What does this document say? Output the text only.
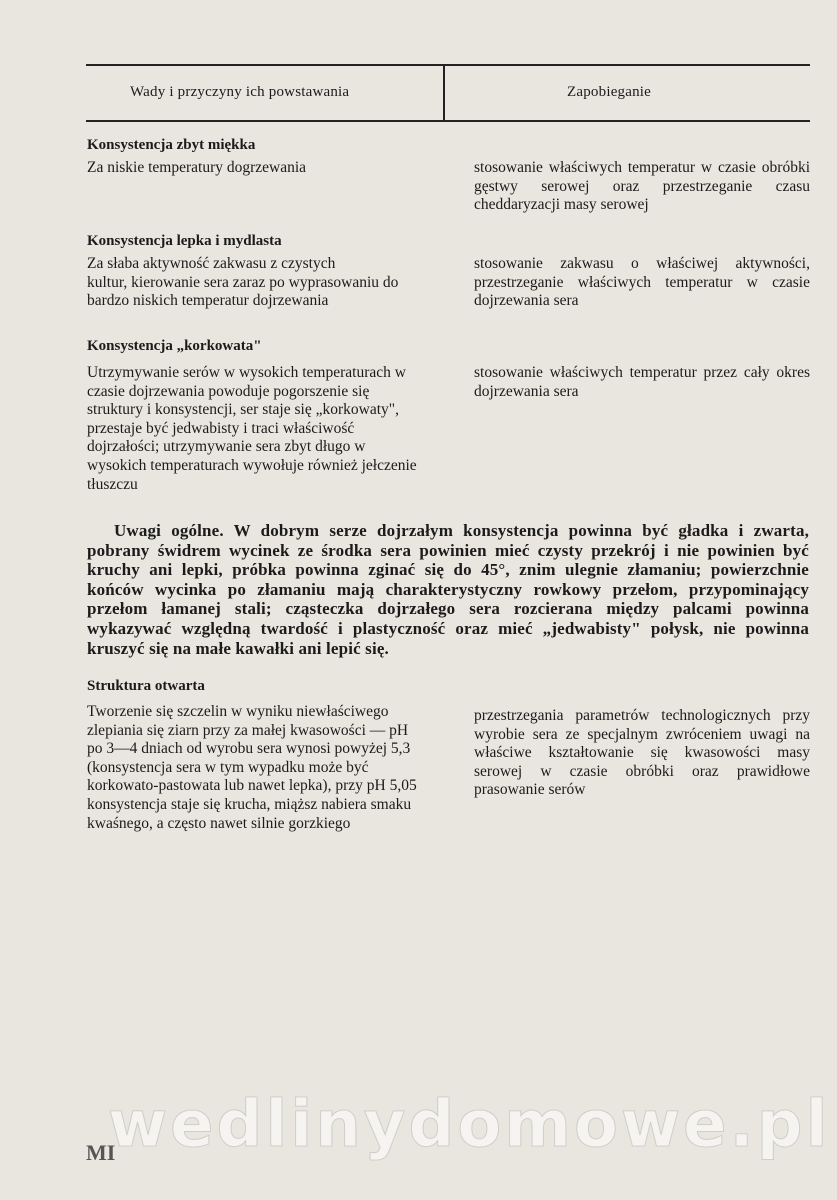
Wady i przyczyny ich powstawania	Zapobieganie
Konsystencja zbyt miękka

Za niskie temperatury dogrzewania	stosowanie właściwych temperatur w czasie obróbki gęstwy serowej oraz przestrzeganie czasu cheddaryzacji masy serowej

Konsystencja lepka i mydlasta

Za słaba aktywność zakwasu z czystych
kultur, kierowanie sera zaraz po wyprasowaniu do bardzo niskich temperatur dojrzewania

stosowanie zakwasu o właściwej aktywności, przestrzeganie właściwych temperatur w czasie dojrzewania sera

Konsystencja „korkowata"

Utrzymywanie serów w wysokich temperaturach w czasie dojrzewania powoduje pogorszenie się struktury i konsystencji, ser staje się „korkowaty", przestaje być jedwabisty i traci właściwość dojrzałości; utrzymywanie sera zbyt długo w wysokich temperaturach wywołuje również jełczenie tłuszczu

stosowanie właściwych temperatur przez cały okres dojrzewania sera

Uwagi ogólne. W dobrym serze dojrzałym konsystencja powinna być gładka i zwarta, pobrany świdrem wycinek ze środka sera powinien mieć czysty przekrój i nie powinien być kruchy ani lepki, próbka powinna zginać się do 45°, znim ulegnie złamaniu; powierzchnie końców wycinka po złamaniu mają charakterystyczny rowkowy przełom, przypominający przełom łamanej stali; cząsteczka dojrzałego sera rozcierana między palcami powinna wykazywać względną twardość i plastyczność oraz mieć „jedwabisty" połysk, nie powinna kruszyć się na małe kawałki ani lepić się.

Struktura otwarta

Tworzenie się szczelin w wyniku niewłaściwego zlepiania się ziarn przy za małej kwasowości — pH po 3—4 dniach od wyrobu sera wynosi powyżej 5,3 (konsystencja sera w tym wypadku może być korkowato-pastowata lub nawet lepka), przy pH 5,05 konsystencja staje się krucha, miąższ nabiera smaku kwaśnego, a często nawet silnie gorzkiego

przestrzegania parametrów technologicznych przy wyrobie sera ze specjalnym zwróceniem uwagi na właściwe kształtowanie się kwasowości masy serowej w czasie obróbki oraz prawidłowe prasowanie serów

wedlinydomowe.pl
MI
